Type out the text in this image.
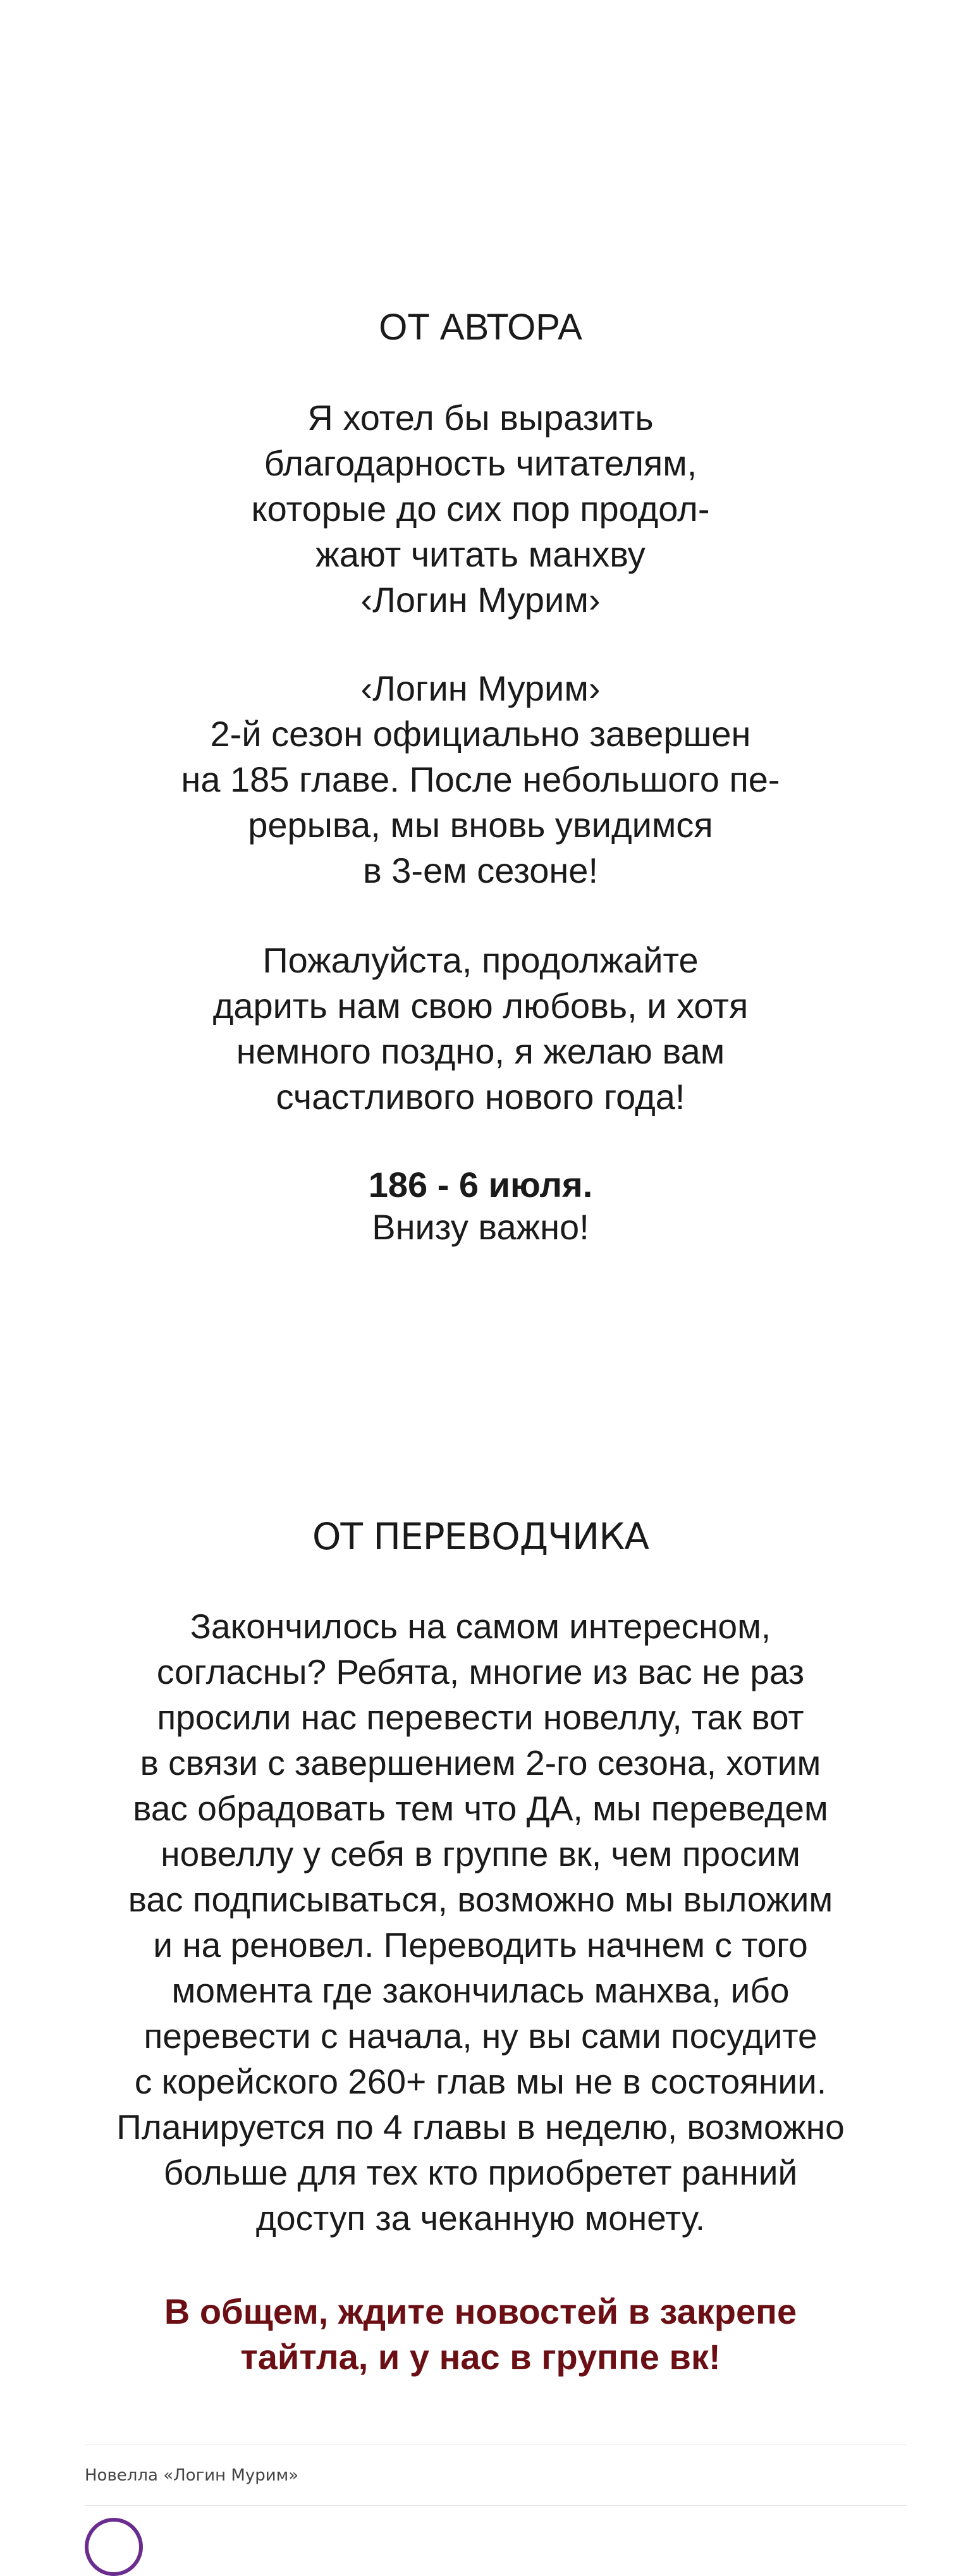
ОТ АВТОРА
Я хотел бы выразить
благодарность читателям,
которые до сих пор продол-
жают читать манхву
‹Логин Мурим›
‹Логин Мурим›
2-й сезон официально завершен
на 185 главе. После небольшого пе-
рерыва, мы вновь увидимся
в 3-ем сезоне!
Пожалуйста, продолжайте
дарить нам свою любовь, и хотя
немного поздно, я желаю вам
счастливого нового года!
186 - 6 июля.
Внизу важно!
ОТ ПЕРЕВОДЧИКА
Закончилось на самом интересном,
согласны? Ребята, многие из вас не раз
просили нас перевести новеллу, так вот
в связи с завершением 2-го сезона, хотим
вас обрадовать тем что ДА, мы переведем
новеллу у себя в группе вк, чем просим
вас подписываться, возможно мы выложим
и на реновел. Переводить начнем с того
момента где закончилась манхва, ибо
перевести с начала, ну вы сами посудите
с корейского 260+ глав мы не в состоянии.
Планируется по 4 главы в неделю, возможно
больше для тех кто приобретет ранний
доступ за чеканную монету.
В общем, ждите новостей в закрепе
тайтла, и у нас в группе вк!
Новелла «Логин Мурим»
